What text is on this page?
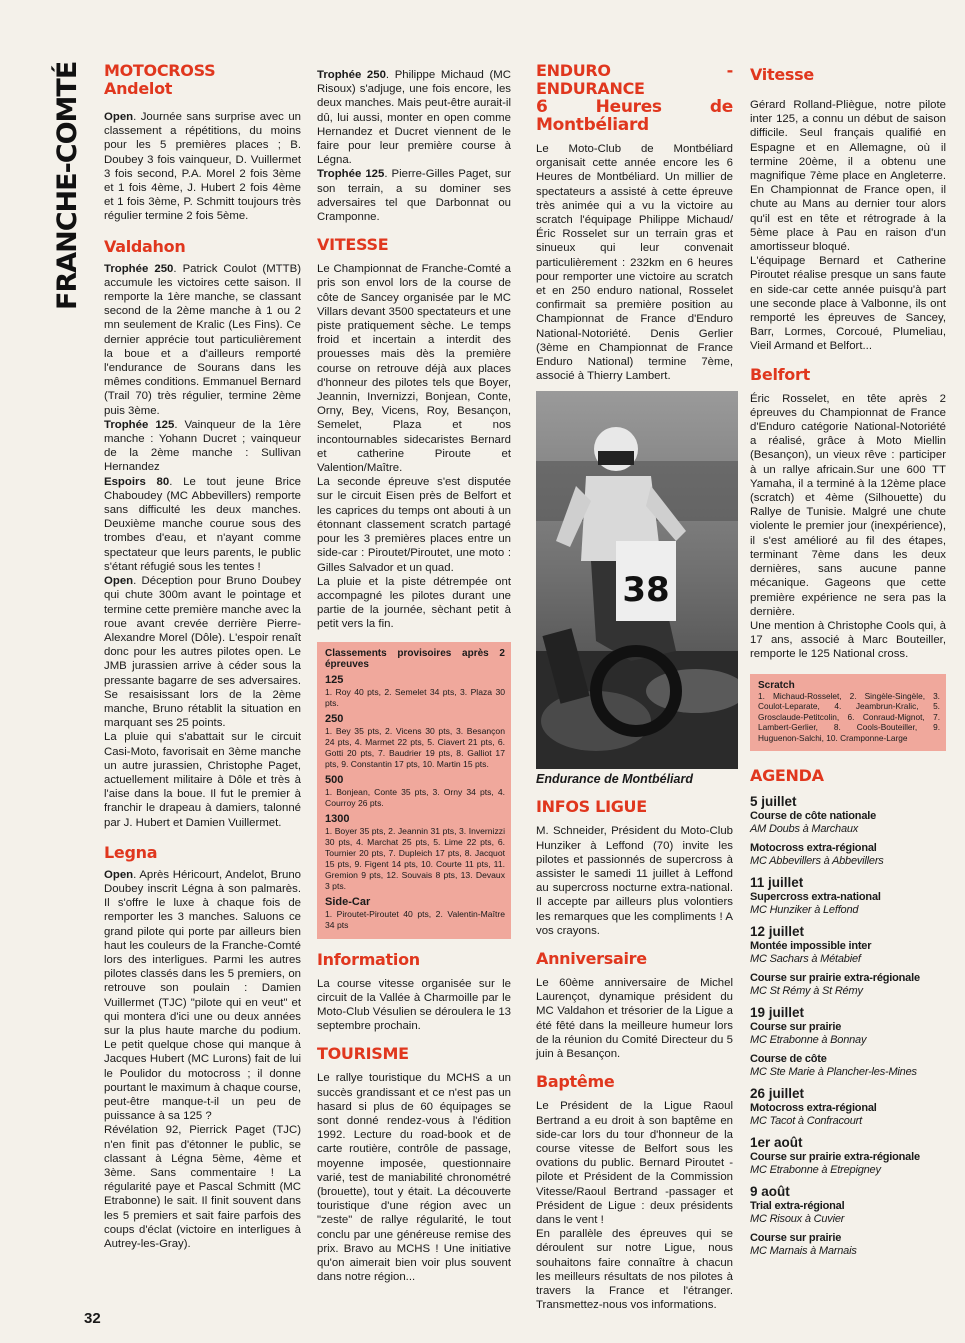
FRANCHE-COMTÉ MOTOCROSS
Andelot

Open. Journée sans surprise avec un classement a répétitions, du moins pour les 5 premières places ; B. Doubey 3 fois vainqueur, D. Vuillermet 3 fois second, P.A. Morel 2 fois 3ème et 1 fois 4ème, J. Hubert 2 fois 4ème et 1 fois 3ème, P. Schmitt toujours très régulier termine 2 fois 5ème.

Valdahon

Trophée 250. Patrick Coulot (MTTB) accumule les victoires cette saison. Il remporte la 1ère manche, se classant second de la 2ème manche à 1 ou 2 mn seulement de Kralic (Les Fins). Ce dernier apprécie tout particulièrement la boue et a d'ailleurs remporté l'endurance de Sourans dans les mêmes conditions. Emmanuel Bernard (Trail 70) très régulier, termine 2ème puis 3ème.

Trophée 125. Vainqueur de la 1ère manche : Yohann Ducret ; vainqueur de la 2ème manche : Sullivan Hernandez

Espoirs 80. Le tout jeune Brice Chaboudey (MC Abbevillers) remporte sans difficulté les deux manches. Deuxième manche courue sous des trombes d'eau, et n'ayant comme spectateur que leurs parents, le public s'étant réfugié sous les tentes !

Open. Déception pour Bruno Doubey qui chute 300m avant le pointage et termine cette première manche avec la roue avant crevée derrière Pierre-Alexandre Morel (Dôle). L'espoir renaît donc pour les autres pilotes open. Le JMB jurassien arrive à céder sous la pressante bagarre de ses adversaires. Se resaisissant lors de la 2ème manche, Bruno rétablit la situation en marquant ses 25 points.

La pluie qui s'abattait sur le circuit Casi-Moto, favorisait en 3ème manche un autre jurassien, Christophe Paget, actuellement militaire à Dôle et très à l'aise dans la boue. Il fut le premier à franchir le drapeau à damiers, talonné par J. Hubert et Damien Vuillermet.

Legna

Open. Après Héricourt, Andelot, Bruno Doubey inscrit Légna à son palmarès. Il s'offre le luxe à chaque fois de remporter les 3 manches. Saluons ce grand pilote qui porte par ailleurs bien haut les couleurs de la Franche-Comté lors des interligues. Parmi les autres pilotes classés dans les 5 premiers, on retrouve son poulain : Damien Vuillermet (TJC) "pilote qui en veut" et qui montera d'ici une ou deux années sur la plus haute marche du podium. Le petit quelque chose qui manque à Jacques Hubert (MC Lurons) fait de lui le Poulidor du motocross ; il donne pourtant le maximum à chaque course, peut-être manque-t-il un peu de puissance à sa 125 ?

Révélation 92, Pierrick Paget (TJC) n'en finit pas d'étonner le public, se classant à Légna 5ème, 4ème et 3ème. Sans commentaire ! La régularité paye et Pascal Schmitt (MC Etrabonne) le sait. Il finit souvent dans les 5 premiers et sait faire parfois des coups d'éclat (victoire en interligues à Autrey-les-Gray).

Trophée 250. Philippe Michaud (MC Risoux) s'adjuge, une fois encore, les deux manches. Mais peut-être aurait-il dû, lui aussi, monter en open comme Hernandez et Ducret viennent de le faire pour leur première course à Légna.

Trophée 125. Pierre-Gilles Paget, sur son terrain, a su dominer ses adversaires tel que Darbonnat ou Cramponne.

VITESSE

Le Championnat de Franche-Comté a pris son envol lors de la course de côte de Sancey organisée par le MC Villars devant 3500 spectateurs et une piste pratiquement sèche. Le temps froid et incertain a interdit des prouesses mais dès la première course on retrouve déjà aux places d'honneur des pilotes tels que Boyer, Jeannin, Invernizzi, Bonjean, Conte, Orny, Bey, Vicens, Roy, Besançon, Semelet, Plaza et nos incontournables sidecaristes Bernard et catherine Piroute et Valention/Maître.

La seconde épreuve s'est disputée sur le circuit Eisen près de Belfort et les caprices du temps ont abouti à un étonnant classement scratch partagé pour les 3 premières places entre un side-car : Piroutet/Piroutet, une moto : Gilles Salvador et un quad.

La pluie et la piste détrempée ont accompagné les pilotes durant une partie de la journée, sèchant petit à petit vers la fin.

Classements provisoires après 2 épreuves
125
1. Roy 40 pts, 2. Semelet 34 pts, 3. Plaza 30 pts.
250
1. Bey 35 pts, 2. Vicens 30 pts, 3. Besançon 24 pts, 4. Marmet 22 pts, 5. Ciavert 21 pts, 6. Gotti 20 pts, 7. Baudrier 19 pts, 8. Galliot 17 pts, 9. Constantin 17 pts, 10. Martin 15 pts.
500
1. Bonjean, Conte 35 pts, 3. Orny 34 pts, 4. Courroy 26 pts.
1300
1. Boyer 35 pts, 2. Jeannin 31 pts, 3. Invernizzi 30 pts, 4. Marchat 25 pts, 5. Lime 22 pts, 6. Tournier 20 pts, 7. Dupleich 17 pts, 8. Jacquot 15 pts, 9. Figent 14 pts, 10. Courte 11 pts, 11. Gremion 9 pts, 12. Souvais 8 pts, 13. Devaux 3 pts.
Side-Car
1. Piroutet-Piroutet 40 pts, 2. Valentin-Maître 34 pts
Information

La course vitesse organisée sur le circuit de la Vallée à Charmoille par le Moto-Club Vésulien se déroulera le 13 septembre prochain.

TOURISME

Le rallye touristique du MCHS a un succès grandissant et ce n'est pas un hasard si plus de 60 équipages se sont donné rendez-vous à l'édition 1992. Lecture du road-book et de carte routière, contrôle de passage, moyenne imposée, questionnaire varié, test de maniabilité chronométré (brouette), tout y était. La découverte touristique d'une région avec un "zeste" de rallye régularité, le tout conclu par une généreuse remise des prix. Bravo au MCHS ! Une initiative qu'on aimerait bien voir plus souvent dans notre région...

ENDURO - ENDURANCE
6 Heures de Montbéliard

Le Moto-Club de Montbéliard organisait cette année encore les 6 Heures de Montbéliard. Un millier de spectateurs a assisté à cette épreuve très animée qui a vu la victoire au scratch l'équipage Philippe Michaud/Éric Rosselet sur un terrain gras et sinueux qui leur convenait particulièrement : 232km en 6 heures pour remporter une victoire au scratch et en 250 enduro national, Rosselet confirmait sa première position au Championnat de France d'Enduro National-Notoriété. Denis Gerlier (3ème en Championnat de France Enduro National) termine 7ème, associé à Thierry Lambert.

38
Endurance de Montbéliard
INFOS LIGUE

M. Schneider, Président du Moto-Club Hunziker à Leffond (70) invite les pilotes et passionnés de supercross à assister le samedi 11 juillet à Leffond au supercross nocturne extra-national. Il accepte par ailleurs plus volontiers les remarques que les compliments ! A vos crayons.

Anniversaire

Le 60ème anniversaire de Michel Laurençot, dynamique président du MC Valdahon et trésorier de la Ligue a été fêté dans la meilleure humeur lors de la réunion du Comité Directeur du 5 juin à Besançon.

Baptême

Le Président de la Ligue Raoul Bertrand a eu droit à son baptême en side-car lors du tour d'honneur de la course vitesse de Belfort sous les ovations du public. Bernard Piroutet -pilote et Président de la Commission Vitesse/Raoul Bertrand -passager et Président de Ligue : deux présidents dans le vent !

En parallèle des épreuves qui se déroulent sur notre Ligue, nous souhaitons faire connaître à chacun les meilleurs résultats de nos pilotes à travers la France et l'étranger. Transmettez-nous vos informations.

Vitesse

Gérard Rolland-Pliègue, notre pilote inter 125, a connu un début de saison difficile. Seul français qualifié en Espagne et en Allemagne, où il termine 20ème, il a obtenu une magnifique 7ème place en Angleterre. En Championnat de France open, il chute au Mans au dernier tour alors qu'il est en tête et rétrograde à la 5ème place à Pau en raison d'un amortisseur bloqué.

L'équipage Bernard et Catherine Piroutet réalise presque un sans faute en side-car cette année puisqu'à part une seconde place à Valbonne, ils ont remporté les épreuves de Sancey, Barr, Lormes, Corcoué, Plumeliau, Vieil Armand et Belfort...

Belfort

Éric Rosselet, en tête après 2 épreuves du Championnat de France d'Enduro catégorie National-Notoriété a réalisé, grâce à Moto Miellin (Besançon), un vieux rêve : participer à un rallye africain.Sur une 600 TT Yamaha, il a terminé à la 12ème place (scratch) et 4ème (Silhouette) du Rallye de Tunisie. Malgré une chute violente le premier jour (inexpérience), il s'est amélioré au fil des étapes, terminant 7ème dans les deux dernières, sans aucune panne mécanique. Gageons que cette première expérience ne sera pas la dernière.

Une mention à Christophe Cools qui, à 17 ans, associé à Marc Bouteiller, remporte le 125 National cross.

Scratch
1. Michaud-Rosselet, 2. Singèle-Singèle, 3. Coulot-Leparate, 4. Jeambrun-Kralic, 5. Grosclaude-Petitcolin, 6. Conraud-Mignot, 7. Lambert-Gerlier, 8. Cools-Bouteiller, 9. Huguenon-Salchi, 10. Cramponne-Large
AGENDA
5 juillet
Course de côte nationale
AM Doubs à Marchaux
Motocross extra-régional
MC Abbevillers à Abbevillers
11 juillet
Supercross extra-national
MC Hunziker à Leffond
12 juillet
Montée impossible inter
MC Sachars à Métabief
Course sur prairie extra-régionale
MC St Rémy à St Rémy
19 juillet
Course sur prairie
MC Etrabonne à Bonnay
Course de côte
MC Ste Marie à Plancher-les-Mines
26 juillet
Motocross extra-régional
MC Tacot à Confracourt
1er août
Course sur prairie extra-régionale
MC Etrabonne à Etrepigney
9 août
Trial extra-régional
MC Risoux à Cuvier
Course sur prairie
MC Marnais à Marnais
32
